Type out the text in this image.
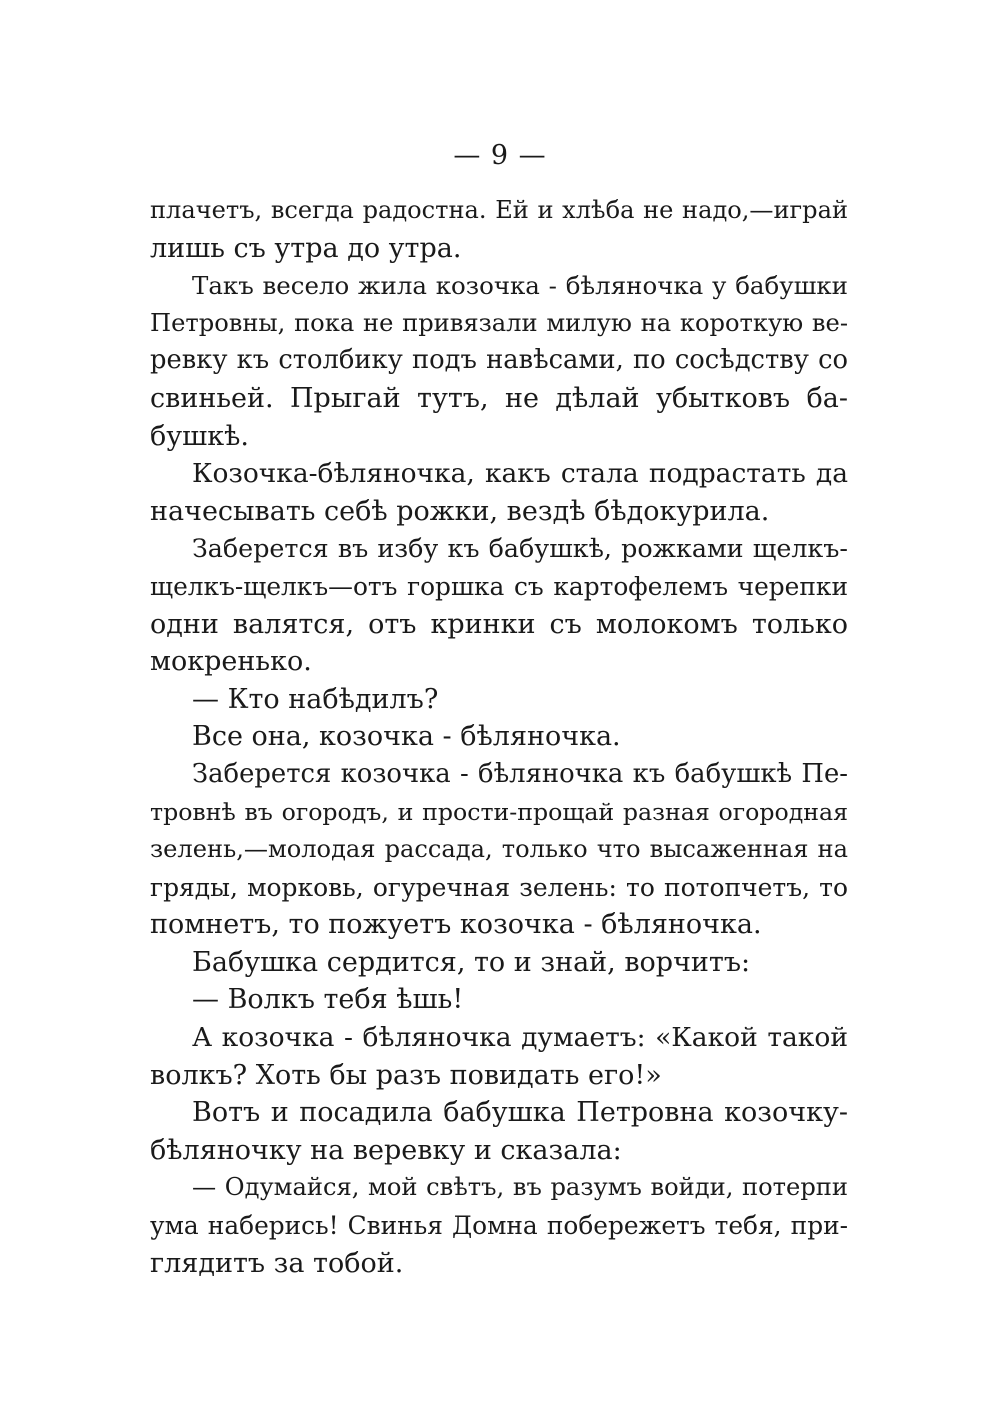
— 9 —
плачетъ, всегда радостна. Ей и хлѣба не надо,—играй
лишь съ утра до утра.
Такъ весело жила козочка - бѣляночка у бабушки
Петровны, пока не привязали милую на короткую ве-
ревку къ столбику подъ навѣсами, по сосѣдству со
свиньей. Прыгай тутъ, не дѣлай убытковъ ба-
бушкѣ.
Козочка-бѣляночка, какъ стала подрастать да
начесывать себѣ рожки, вездѣ бѣдокурила.
Заберется въ избу къ бабушкѣ, рожками щелкъ-
щелкъ-щелкъ—отъ горшка съ картофелемъ черепки
одни валятся, отъ кринки съ молокомъ только
мокренько.
— Кто набѣдилъ?
Все она, козочка - бѣляночка.
Заберется козочка - бѣляночка къ бабушкѣ Пе-
тровнѣ въ огородъ, и прости-прощай разная огородная
зелень,—молодая рассада, только что высаженная на
гряды, морковь, огуречная зелень: то потопчетъ, то
помнетъ, то пожуетъ козочка - бѣляночка.
Бабушка сердится, то и знай, ворчитъ:
— Волкъ тебя ѣшь!
А козочка - бѣляночка думаетъ: «Какой такой
волкъ? Хоть бы разъ повидать его!»
Вотъ и посадила бабушка Петровна козочку-
бѣляночку на веревку и сказала:
— Одумайся, мой свѣтъ, въ разумъ войди, потерпи
ума наберись! Свинья Домна побережетъ тебя, при-
глядитъ за тобой.
